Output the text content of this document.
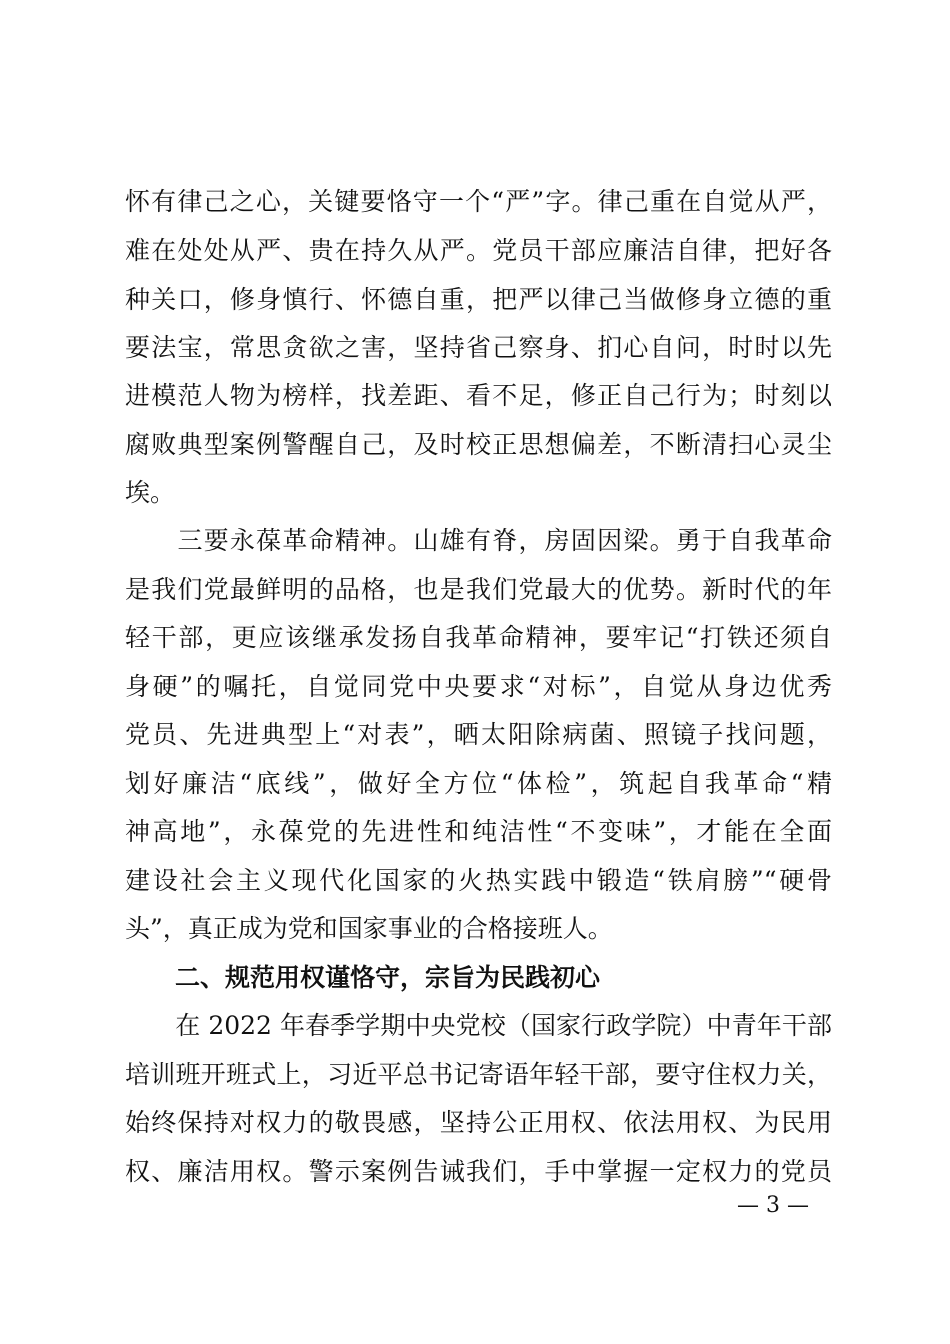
怀有律己之心，关键要恪守一个“严”字。律己重在自觉从严，
难在处处从严、贵在持久从严。党员干部应廉洁自律，把好各
种关口，修身慎行、怀德自重，把严以律己当做修身立德的重
要法宝，常思贪欲之害，坚持省己察身、扪心自问，时时以先
进模范人物为榜样，找差距、看不足，修正自己行为；时刻以
腐败典型案例警醒自己，及时校正思想偏差，不断清扫心灵尘
埃。
　　三要永葆革命精神。山雄有脊，房固因梁。勇于自我革命
是我们党最鲜明的品格，也是我们党最大的优势。新时代的年
轻干部，更应该继承发扬自我革命精神，要牢记“打铁还须自
身硬”的嘱托，自觉同党中央要求“对标”，自觉从身边优秀
党员、先进典型上“对表”，晒太阳除病菌、照镜子找问题，
划好廉洁“底线”，做好全方位“体检”，筑起自我革命“精
神高地”，永葆党的先进性和纯洁性“不变味”，才能在全面
建设社会主义现代化国家的火热实践中锻造“铁肩膀”“硬骨
头”，真正成为党和国家事业的合格接班人。
　　二、规范用权谨恪守，宗旨为民践初心
　　在 2022 年春季学期中央党校（国家行政学院）中青年干部
培训班开班式上，习近平总书记寄语年轻干部，要守住权力关，
始终保持对权力的敬畏感，坚持公正用权、依法用权、为民用
权、廉洁用权。警示案例告诫我们，手中掌握一定权力的党员
— 3 —
